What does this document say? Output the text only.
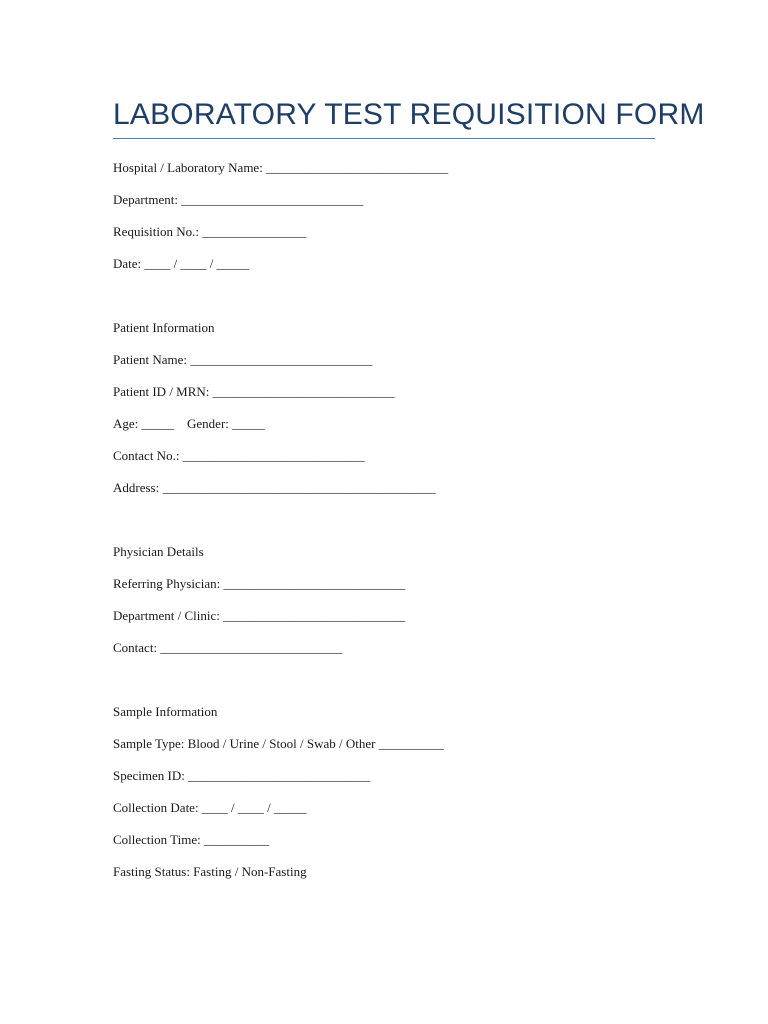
LABORATORY TEST REQUISITION FORM
Hospital / Laboratory Name: ____________________________
Department: ____________________________
Requisition No.: ________________
Date: ____ / ____ / _____
Patient Information
Patient Name: ____________________________
Patient ID / MRN: ____________________________
Age: _____    Gender: _____
Contact No.: ____________________________
Address: __________________________________________
Physician Details
Referring Physician: ____________________________
Department / Clinic: ____________________________
Contact: ____________________________
Sample Information
Sample Type: Blood / Urine / Stool / Swab / Other __________
Specimen ID: ____________________________
Collection Date: ____ / ____ / _____
Collection Time: __________
Fasting Status: Fasting / Non-Fasting
